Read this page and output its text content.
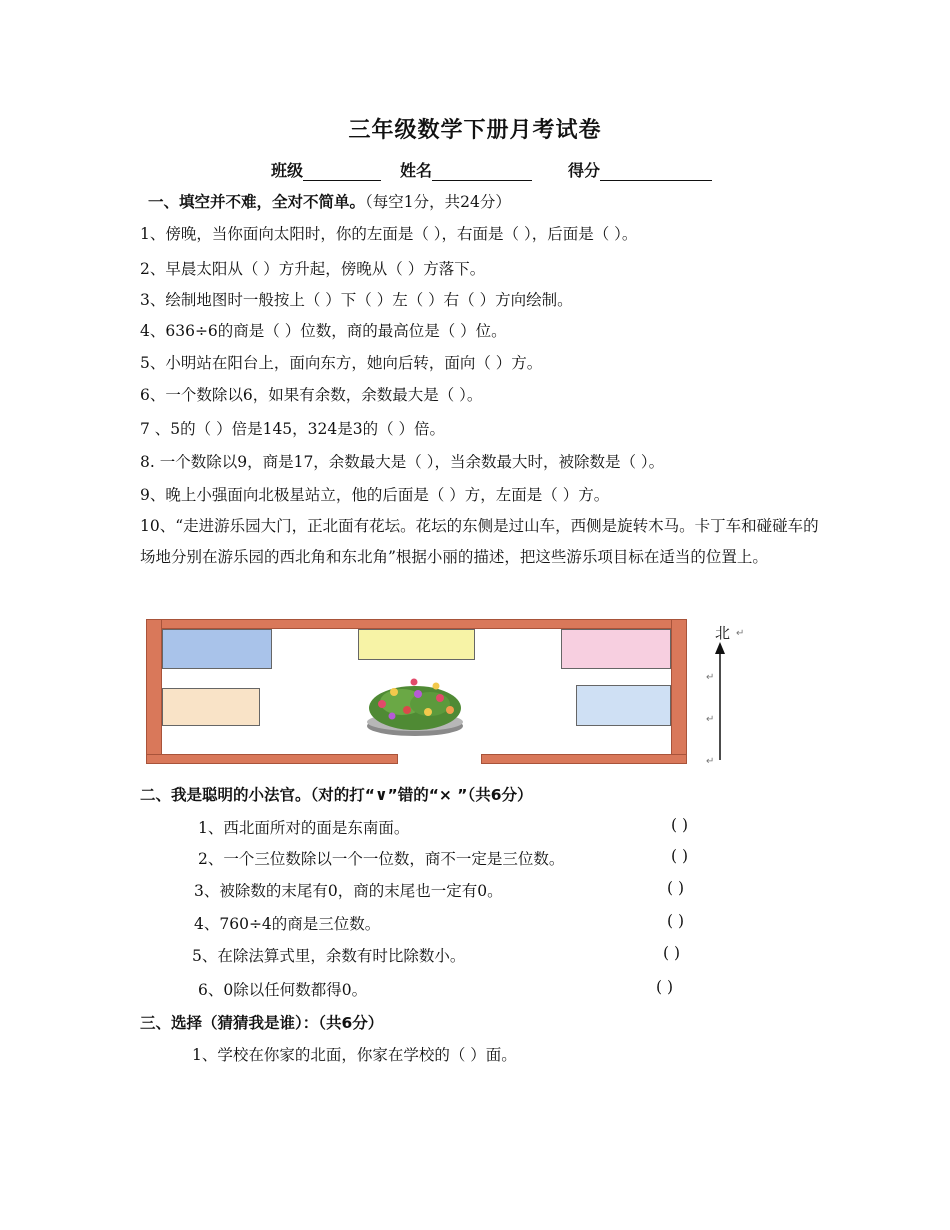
三年级数学下册月考试卷
班级	姓名	得分
一、填空并不难，全对不简单。（每空1分，共24分）
1、傍晚，当你面向太阳时，你的左面是（ ），右面是（ ），后面是（ ）。
2、早晨太阳从（ ）方升起，傍晚从（ ）方落下。
3、绘制地图时一般按上（ ）下（ ）左（ ）右（ ）方向绘制。
4、636÷6的商是（ ）位数，商的最高位是（ ）位。
5、小明站在阳台上，面向东方，她向后转，面向（ ）方。
6、一个数除以6，如果有余数，余数最大是（ ）。
7 、5的（ ）倍是145，324是3的（ ）倍。
8. 一个数除以9，商是17，余数最大是（ ），当余数最大时，被除数是（ ）。
9、晚上小强面向北极星站立，他的后面是（ ）方，左面是（ ）方。
10、“走进游乐园大门，正北面有花坛。花坛的东侧是过山车，西侧是旋转木马。卡丁车和碰碰车的场地分别在游乐园的西北角和东北角”根据小丽的描述，把这些游乐项目标在适当的位置上。
北 ↵
↵
↵
↵
二、我是聪明的小法官。（对的打“∨”错的“× ”（共6分）
1、西北面所对的面是东南面。	( )
2、一个三位数除以一个一位数，商不一定是三位数。	( )
3、被除数的末尾有0，商的末尾也一定有0。	( )
4、760÷4的商是三位数。	( )
5、在除法算式里，余数有时比除数小。	( )
6、0除以任何数都得0。	( )
三、选择（猜猜我是谁）：（共6分）
1、学校在你家的北面，你家在学校的（ ）面。
